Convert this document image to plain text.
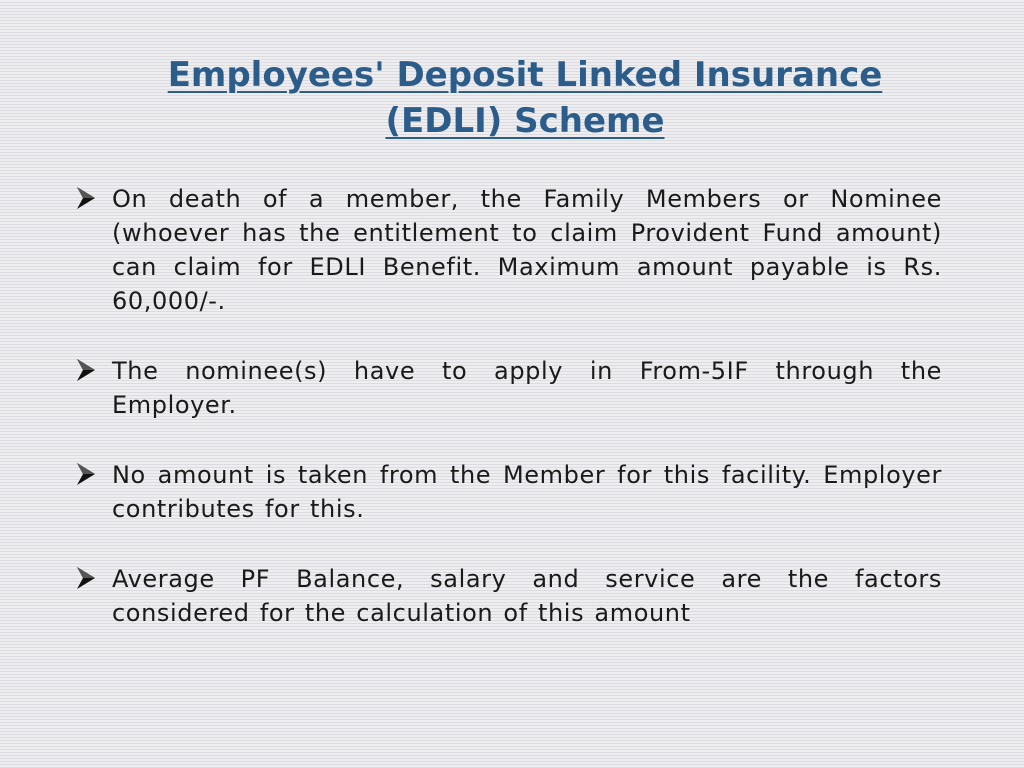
Employees' Deposit Linked Insurance
(EDLI) Scheme
On death of a member, the Family Members or Nominee (whoever has the entitlement to claim Provident Fund amount) can claim for EDLI Benefit. Maximum amount payable is Rs. 60,000/-.
The nominee(s) have to apply in From-5IF through the Employer.
No amount is taken from the Member for this facility. Employer contributes for this.
Average PF Balance, salary and service are the factors considered for the calculation of this amount
